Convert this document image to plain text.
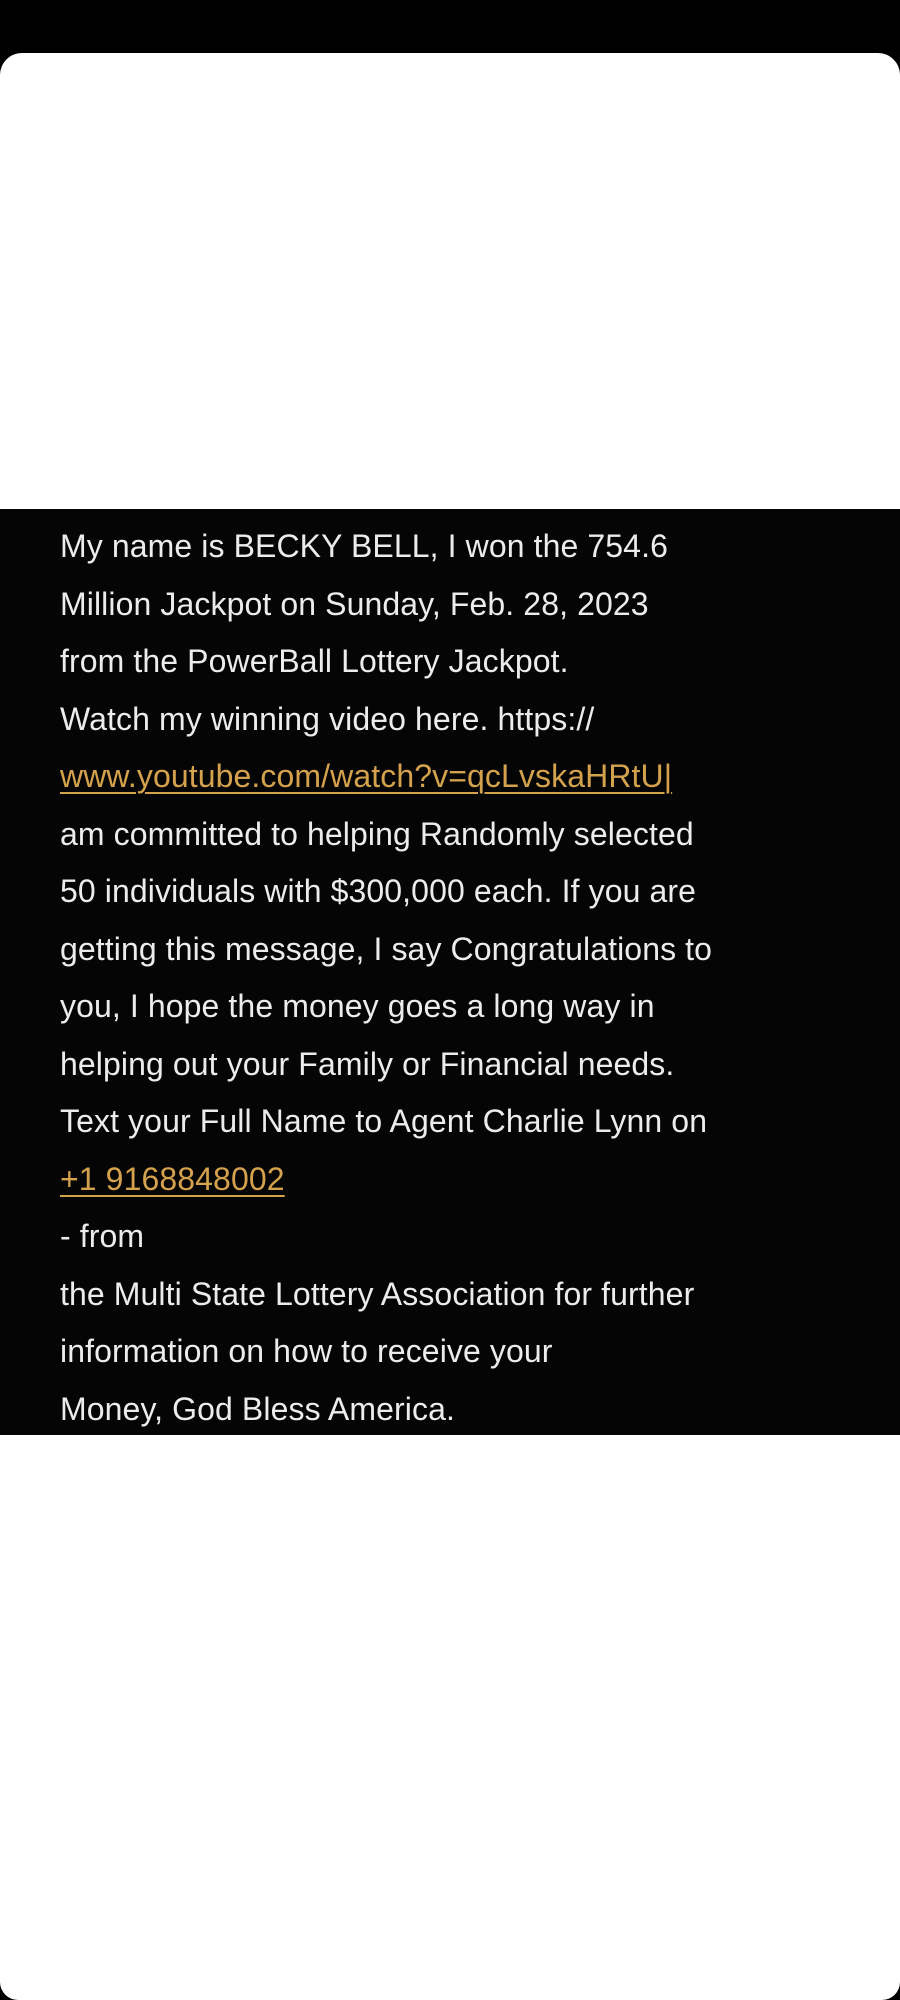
My name is BECKY BELL, I won the 754.6
Million Jackpot on Sunday, Feb. 28, 2023
from the PowerBall Lottery Jackpot.
Watch my winning video here. https://
www.youtube.com/watch?v=qcLvskaHRtU|
am committed to helping Randomly selected
50 individuals with $300,000 each. If you are
getting this message, I say Congratulations to
you, I hope the money goes a long way in
helping out your Family or Financial needs.
Text your Full Name to Agent Charlie Lynn on
+1 9168848002
- from
the Multi State Lottery Association for further
information on how to receive your
Money, God Bless America.
